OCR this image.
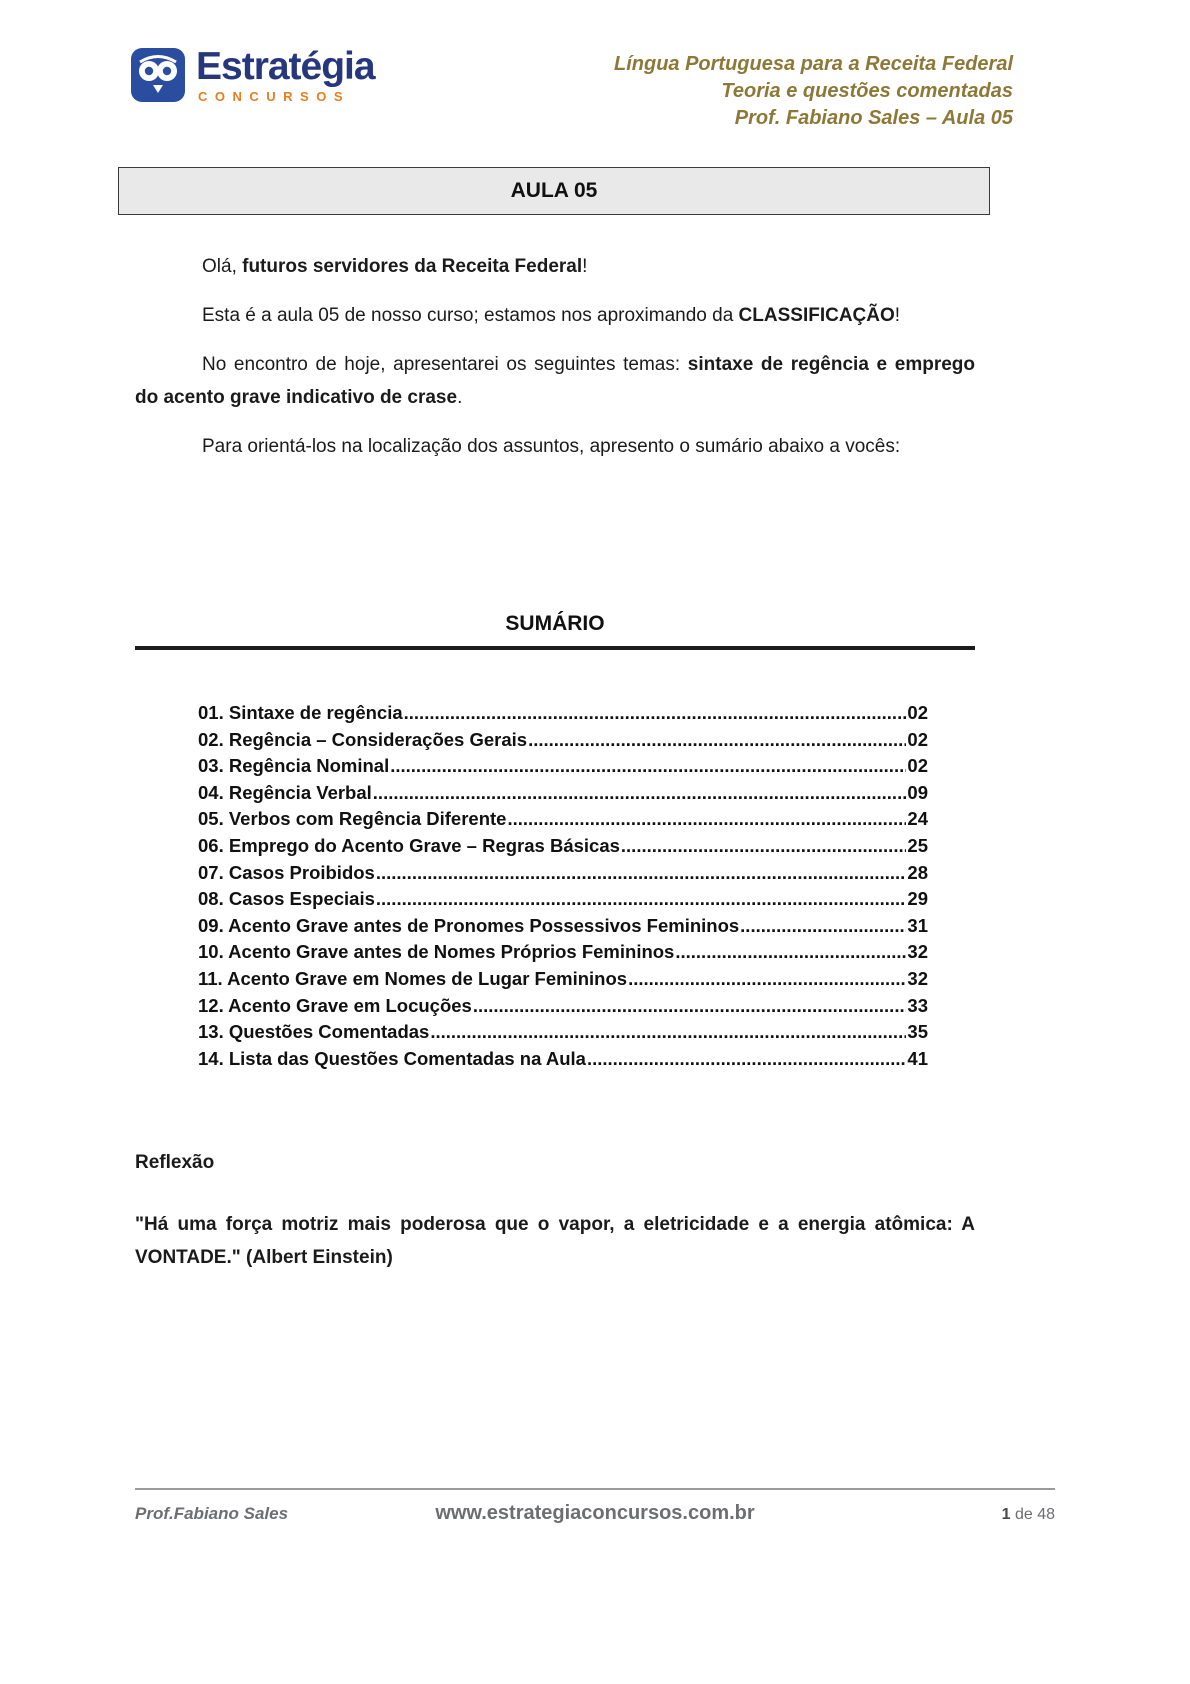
Estratégia
CONCURSOS
Língua Portuguesa para a Receita Federal
Teoria e questões comentadas
Prof. Fabiano Sales – Aula 05
AULA 05

Olá, futuros servidores da Receita Federal!

Esta é a aula 05 de nosso curso; estamos nos aproximando da CLASSIFICAÇÃO!

No encontro de hoje, apresentarei os seguintes temas: sintaxe de regência e emprego do acento grave indicativo de crase.

Para orientá-los na localização dos assuntos, apresento o sumário abaixo a vocês:

SUMÁRIO
01. Sintaxe de regência .....	02
02. Regência – Considerações Gerais .....	02
03. Regência Nominal .....	02
04. Regência Verbal .....	09
05. Verbos com Regência Diferente .....	24
06. Emprego do Acento Grave – Regras Básicas .....	25
07. Casos Proibidos .....	28
08. Casos Especiais .....	29
09. Acento Grave antes de Pronomes Possessivos Femininos .....	31
10. Acento Grave antes de Nomes Próprios Femininos .....	32
11. Acento Grave em Nomes de Lugar Femininos .....	32
12. Acento Grave em Locuções .....	33
13. Questões Comentadas .....	35
14. Lista das Questões Comentadas na Aula .....	41
Reflexão

"Há uma força motriz mais poderosa que o vapor, a eletricidade e a energia atômica: A VONTADE." (Albert Einstein)

Prof.Fabiano Sales	www.estrategiaconcursos.com.br	1 de 48
